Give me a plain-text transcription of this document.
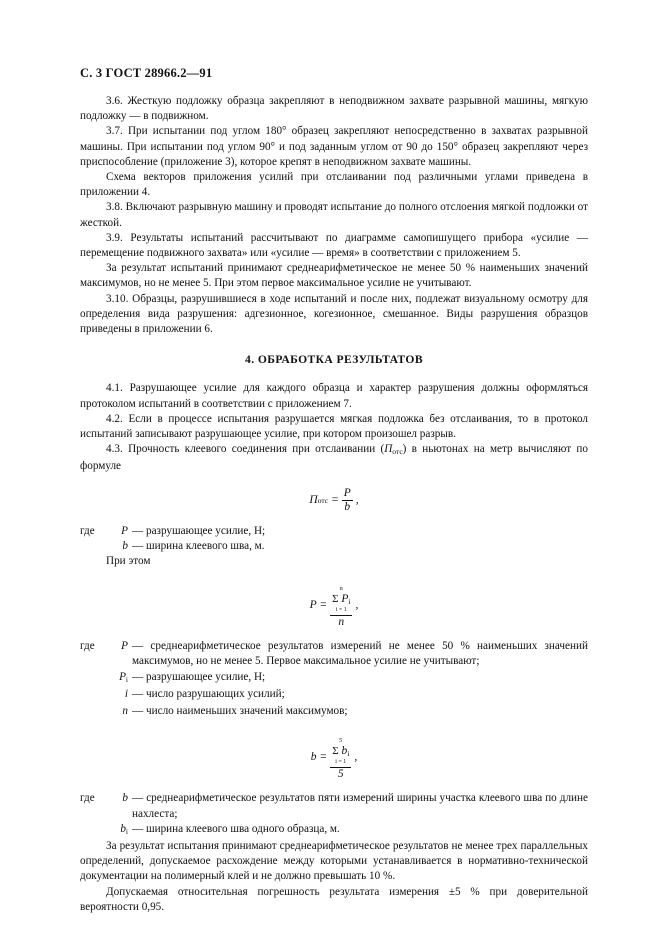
С. 3 ГОСТ 28966.2—91

3.6. Жесткую подложку образца закрепляют в неподвижном захвате разрывной машины, мягкую подложку — в подвижном.

3.7. При испытании под углом 180° образец закрепляют непосредственно в захватах разрывной машины. При испытании под углом 90° и под заданным углом от 90 до 150° образец закрепляют через приспособление (приложение 3), которое крепят в неподвижном захвате машины.

Схема векторов приложения усилий при отслаивании под различными углами приведена в приложении 4.

3.8. Включают разрывную машину и проводят испытание до полного отслоения мягкой подложки от жесткой.

3.9. Результаты испытаний рассчитывают по диаграмме самопишущего прибора «усилие — перемещение подвижного захвата» или «усилие — время» в соответствии с приложением 5.

За результат испытаний принимают среднеарифметическое не менее 50 % наименьших значений максимумов, но не менее 5. При этом первое максимальное усилие не учитывают.

3.10. Образцы, разрушившиеся в ходе испытаний и после них, подлежат визуальному осмотру для определения вида разрушения: адгезионное, когезионное, смешанное. Виды разрушения образцов приведены в приложении 6.

4. ОБРАБОТКА РЕЗУЛЬТАТОВ

4.1. Разрушающее усилие для каждого образца и характер разрушения должны оформляться протоколом испытаний в соответствии с приложением 7.

4.2. Если в процессе испытания разрушается мягкая подложка без отслаивания, то в протокол испытаний записывают разрушающее усилие, при котором произошел разрыв.

4.3. Прочность клеевого соединения при отслаивании $(П_{отс})$ в ньютонах на метр вычисляют по формуле

П отс = $\frac{P}{b}$ ,
где	P — разрушающее усилие, Н;
b — ширина клеевого шва, м.
При этом
P = n
Σ $P_i$
i = 1
n ,
где	P — среднеарифметическое результатов измерений не менее 50 % наименьших значений максимумов, но не менее 5. Первое максимальное усилие не учитывают;
$P_i$ — разрушающее усилие, Н;
i — число разрушающих усилий;
n — число наименьших значений максимумов;
b = 5
Σ $b_i$
i = 1
5 ,
где	b — среднеарифметическое результатов пяти измерений ширины участка клеевого шва по длине нахлеста;
$b_i$ — ширина клеевого шва одного образца, м.

За результат испытания принимают среднеарифметическое результатов не менее трех параллельных определений, допускаемое расхождение между которыми устанавливается в нормативно-технической документации на полимерный клей и не должно превышать 10 %.

Допускаемая относительная погрешность результата измерения ±5 % при доверительной вероятности 0,95.
